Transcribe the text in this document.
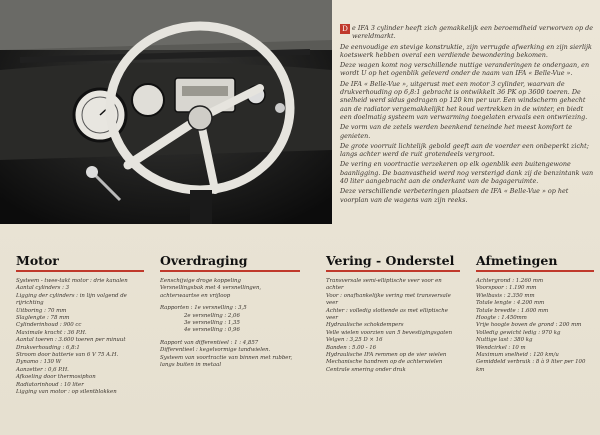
D e IFA 3 cylinder heeft zich gemakkelijk een beroemdheid verworven op de wereldmarkt.

De eenvoudige en stevige konstruktie, zijn verrugde afwerking en zijn sierlijk koetswerk hebben overal een verdiende bewondering bekomen.

Deze wagen komt nog verschillende nuttige veranderingen te ondergaan, en wordt U op het ogenblik geleverd onder de naam van IFA « Belle-Vue ».

De IFA « Belle-Vue », uitgerust met een motor 3 cylinder, waarvan de drukverhouding op 6,8:1 gebracht is ontwikkelt 36 PK op 3600 toeren. De snelheid werd sidus gedragen op 120 km per uur. Een windscherm gehecht aan de radiator vergemakkelijkt het koud vertrekken in de winter, en biedt een doelmatig systeem van verwarming toegelaten ervaals een ontwriezing.

De vorm van de zetels werden beenkend teneinde het meest komfort te genieten.

De grote voorruit lichtelijk gebold geeft aan de voerder een onbeperkt zicht; langs achter werd de ruit grotendeels vergroot.

De vering en voortractie verzekeren op elk ogenblik een buitengewone baanligging. De baanvastheid werd nog versterigd dank zij de benzintank van 40 liter aangebracht aan de onderkant van de bagageruimte.

Deze verschillende verbeteringen plaatsen de IFA « Belle-Vue » op het voorplan van de wagens van zijn reeks.

Motor
Systeem - twee-takt motor : drie kanalen
Aantal cylinders : 3
Ligging der cylinders : in lijn volgend de rijrichting
Uitboring : 70 mm
Slaglengte : 78 mm
Cylinderinhoud : 900 cc
Maximale kracht : 36 P.H.
Aantal toeren : 3.600 toeren per minuut
Drukverhouding : 6,8:1
Stroom door batterie van 6 V 75 A.H.
Dynamo : 130 W
Aanzetter : 0,6 P.H.
Afkoeling door thermosiphon
Radiatorinhoud : 10 liter
Ligging van motor : op silentblokken
Overdraging
Eenschijvige droge koppeling
Versnellingsbak met 4 versnellingen, achterwaartse en vrijloop
Rapporten : 1e versnelling : 3,5
2e versnelling : 2,06
3e versnelling : 1,35
4e versnelling : 0,96
Rapport van differentieel : 1 : 4,857
Differentieel : kegelvormige tandwielen.
Systeem van voortractie van binnen met rubber, langs buiten in metaal
Vering - Onderstel
Transversale semi-elliptische veer voor en achter
Voor : onafhankelijke vering met transversale veer
Achter : volledig slottende as met elliptische veer
Hydraulische schokdempers
Velle wielen voorzien van 5 bevestigingsgaten
Velgen : 3,25 D × 16
Banden : 5.00 - 16
Hydraulische IFA remmen op de vier wielen
Mechanische handrem op de achterwielen
Centrale smering onder druk
Afmetingen
Achtergrond : 1.260 mm
Voorspoor : 1.190 mm
Wielbasis : 2.350 mm
Totale lengte : 4.200 mm
Totale breedte : 1.600 mm
Hoogte : 1.450mm
Vrije hoogte boven de grond : 200 mm
Volledig gewicht ledig : 970 kg
Nuttige last : 380 kg
Wendcirkel : 10 m
Maximum snelheid : 120 km/u
Gemiddeld verbruik : 8 à 9 liter per 100 km
